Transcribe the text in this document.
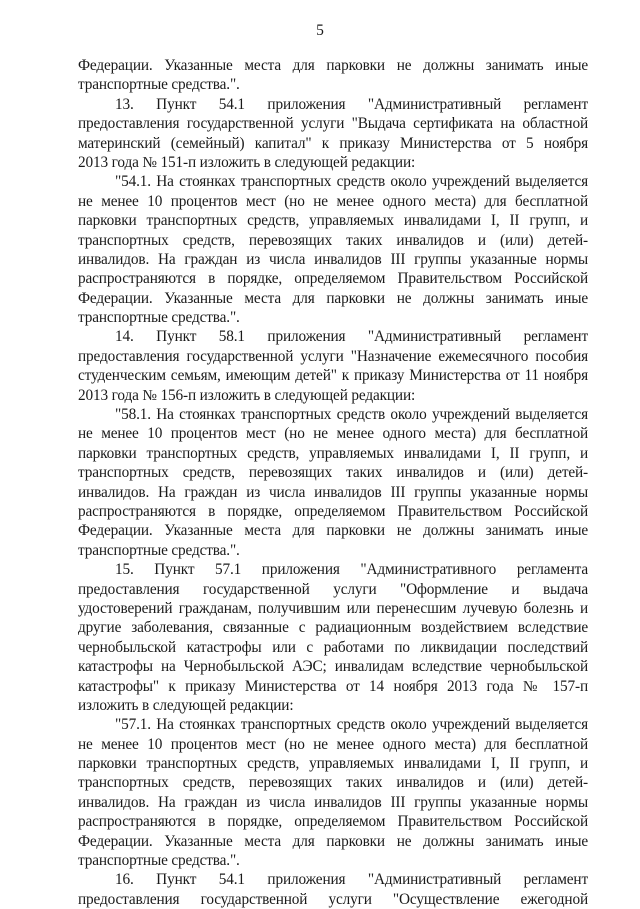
5
Федерации. Указанные места для парковки не должны занимать иные
транспортные средства.".
13. Пункт 54.1 приложения "Административный регламент
предоставления государственной услуги "Выдача сертификата на областной
материнский (семейный) капитал" к приказу Министерства от 5 ноября
2013 года № 151-п изложить в следующей редакции:
"54.1. На стоянках транспортных средств около учреждений выделяется
не менее 10 процентов мест (но не менее одного места) для бесплатной
парковки транспортных средств, управляемых инвалидами I, II групп, и
транспортных средств, перевозящих таких инвалидов и (или) детей-
инвалидов. На граждан из числа инвалидов III группы указанные нормы
распространяются в порядке, определяемом Правительством Российской
Федерации. Указанные места для парковки не должны занимать иные
транспортные средства.".
14. Пункт 58.1 приложения "Административный регламент
предоставления государственной услуги "Назначение ежемесячного пособия
студенческим семьям, имеющим детей" к приказу Министерства от 11 ноября
2013 года № 156-п изложить в следующей редакции:
"58.1. На стоянках транспортных средств около учреждений выделяется
не менее 10 процентов мест (но не менее одного места) для бесплатной
парковки транспортных средств, управляемых инвалидами I, II групп, и
транспортных средств, перевозящих таких инвалидов и (или) детей-
инвалидов. На граждан из числа инвалидов III группы указанные нормы
распространяются в порядке, определяемом Правительством Российской
Федерации. Указанные места для парковки не должны занимать иные
транспортные средства.".
15. Пункт 57.1 приложения "Административного регламента
предоставления государственной услуги "Оформление и выдача
удостоверений гражданам, получившим или перенесшим лучевую болезнь и
другие заболевания, связанные с радиационным воздействием вследствие
чернобыльской катастрофы или с работами по ликвидации последствий
катастрофы на Чернобыльской АЭС; инвалидам вследствие чернобыльской
катастрофы" к приказу Министерства от 14 ноября 2013 года № 157-п
изложить в следующей редакции:
"57.1. На стоянках транспортных средств около учреждений выделяется
не менее 10 процентов мест (но не менее одного места) для бесплатной
парковки транспортных средств, управляемых инвалидами I, II групп, и
транспортных средств, перевозящих таких инвалидов и (или) детей-
инвалидов. На граждан из числа инвалидов III группы указанные нормы
распространяются в порядке, определяемом Правительством Российской
Федерации. Указанные места для парковки не должны занимать иные
транспортные средства.".
16. Пункт 54.1 приложения "Административный регламент
предоставления государственной услуги "Осуществление ежегодной
